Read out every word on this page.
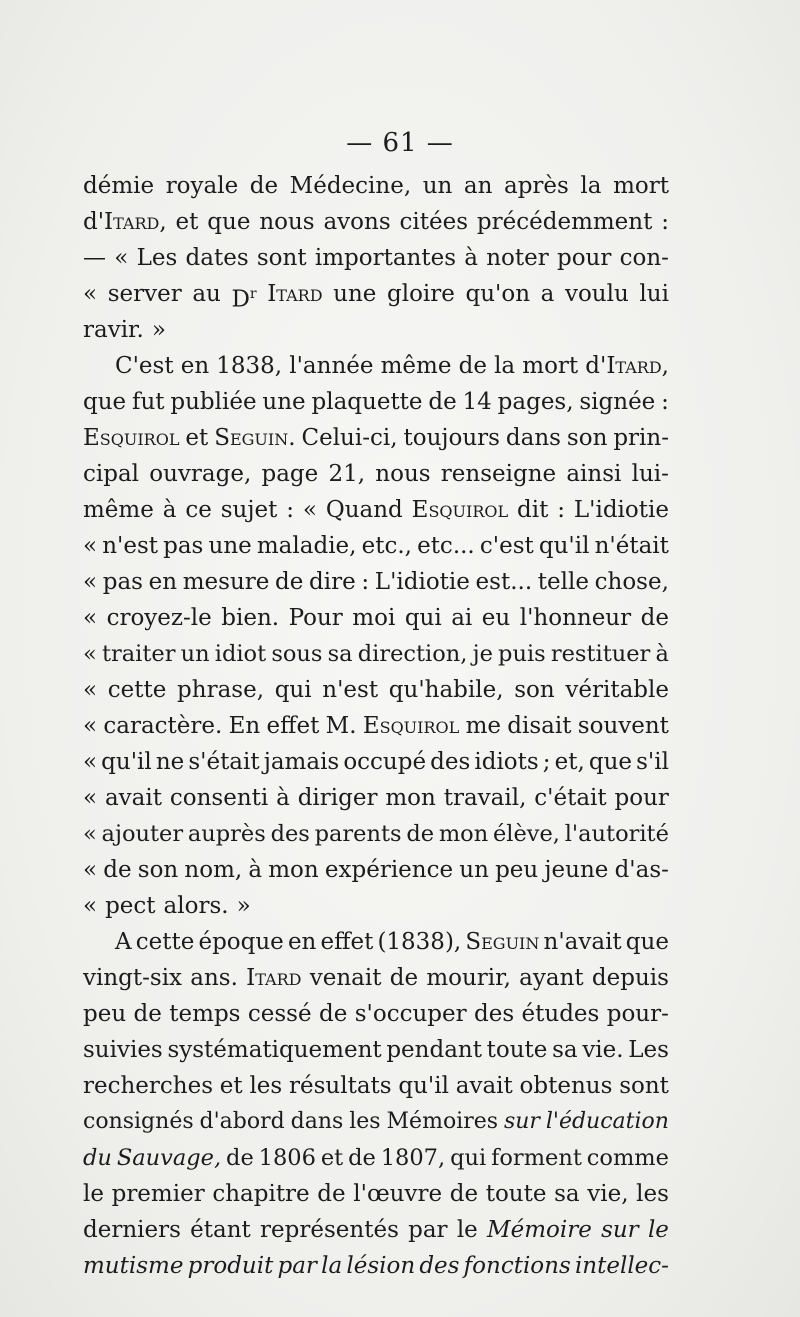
— 61 —
démie royale de Médecine, un an après la mort
d'Itard, et que nous avons citées précédemment :
— « Les dates sont importantes à noter pour con-
« server au $D^r$ Itard une gloire qu'on a voulu lui
ravir. »
C'est en 1838, l'année même de la mort d'Itard,
que fut publiée une plaquette de 14 pages, signée :
Esquirol et Seguin. Celui-ci, toujours dans son prin-
cipal ouvrage, page 21, nous renseigne ainsi lui-
même à ce sujet : « Quand Esquirol dit : L'idiotie
« n'est pas une maladie, etc., etc... c'est qu'il n'était
« pas en mesure de dire : L'idiotie est... telle chose,
« croyez-le bien. Pour moi qui ai eu l'honneur de
« traiter un idiot sous sa direction, je puis restituer à
« cette phrase, qui n'est qu'habile, son véritable
« caractère. En effet M. Esquirol me disait souvent
« qu'il ne s'était jamais occupé des idiots ; et, que s'il
« avait consenti à diriger mon travail, c'était pour
« ajouter auprès des parents de mon élève, l'autorité
« de son nom, à mon expérience un peu jeune d'as-
« pect alors. »
A cette époque en effet (1838), Seguin n'avait que
vingt-six ans. Itard venait de mourir, ayant depuis
peu de temps cessé de s'occuper des études pour-
suivies systématiquement pendant toute sa vie. Les
recherches et les résultats qu'il avait obtenus sont
consignés d'abord dans les Mémoires sur l'éducation
du Sauvage, de 1806 et de 1807, qui forment comme
le premier chapitre de l'œuvre de toute sa vie, les
derniers étant représentés par le Mémoire sur le
mutisme produit par la lésion des fonctions intellec-
